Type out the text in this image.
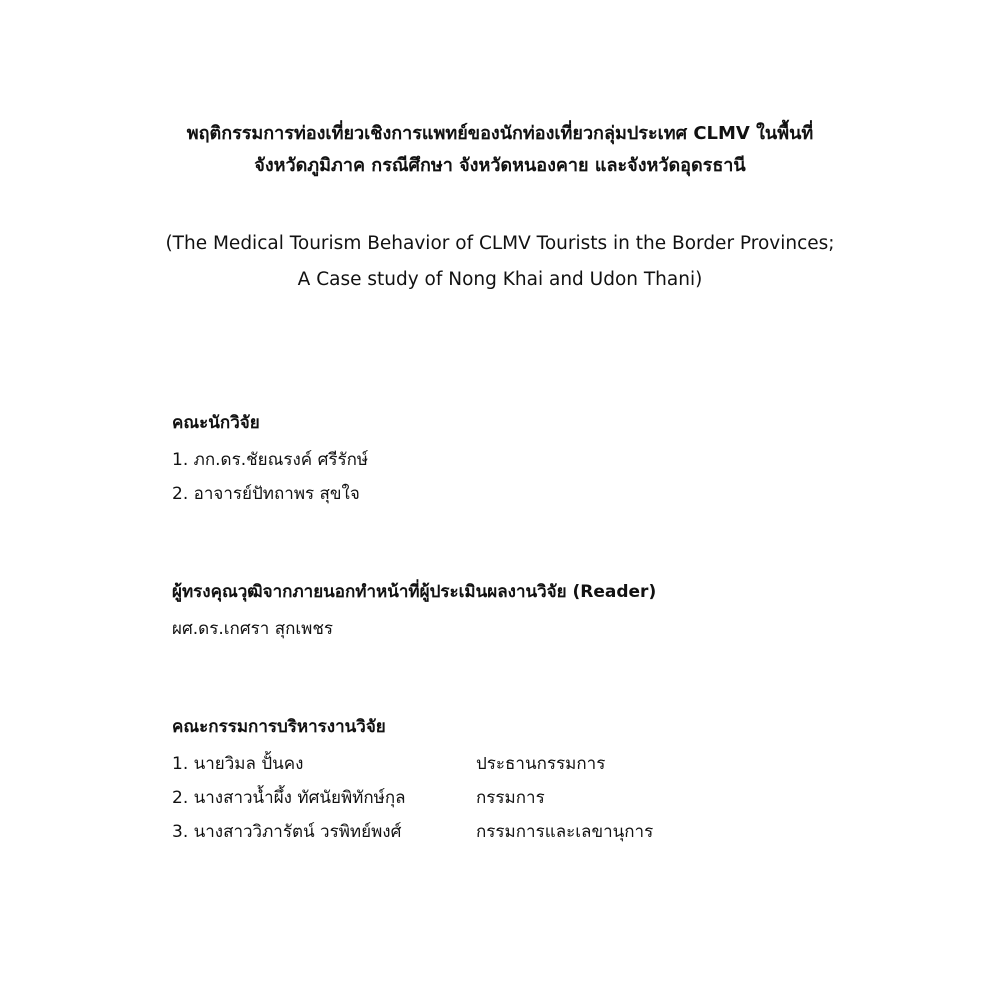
พฤติกรรมการท่องเที่ยวเชิงการแพทย์ของนักท่องเที่ยวกลุ่มประเทศ CLMV ในพื้นที่

จังหวัดภูมิภาค กรณีศึกษา จังหวัดหนองคาย และจังหวัดอุดรธานี

(The Medical Tourism Behavior of CLMV Tourists in the Border Provinces;
A Case study of Nong Khai and Udon Thani)

คณะนักวิจัย

1. ภก.ดร.ชัยณรงค์ ศรีรักษ์

2. อาจารย์ปัทถาพร สุขใจ

ผู้ทรงคุณวุฒิจากภายนอกทำหน้าที่ผู้ประเมินผลงานวิจัย (Reader)

ผศ.ดร.เกศรา สุกเพชร

คณะกรรมการบริหารงานวิจัย

1. นายวิมล ปั้นคง	ประธานกรรมการ
2. นางสาวน้ำผึ้ง ทัศนัยพิทักษ์กุล	กรรมการ
3. นางสาววิภารัตน์ วรพิทย์พงศ์	กรรมการและเลขานุการ
